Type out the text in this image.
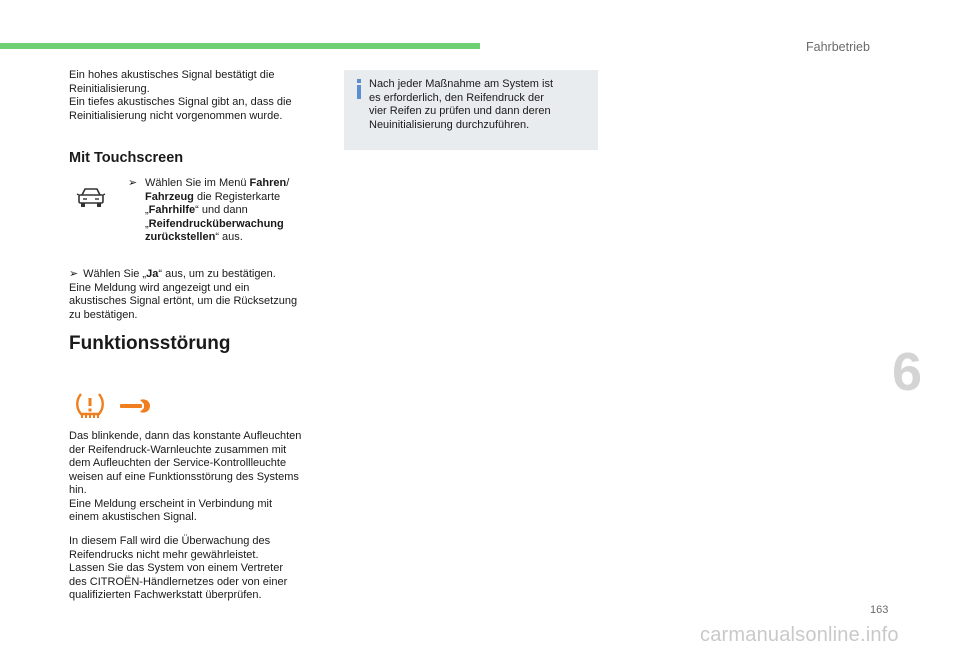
Fahrbetrieb

Ein hohes akustisches Signal bestätigt die
Reinitialisierung.
Ein tiefes akustisches Signal gibt an, dass die
Reinitialisierung nicht vorgenommen wurde.

Mit Touchscreen
➢ Wählen Sie im Menü Fahren/
Fahrzeug die Registerkarte
„Fahrhilfe“ und dann
„Reifendrucküberwachung
zurückstellen“ aus.

➢ Wählen Sie „Ja“ aus, um zu bestätigen.
Eine Meldung wird angezeigt und ein
akustisches Signal ertönt, um die Rücksetzung
zu bestätigen.

Funktionsstörung

Das blinkende, dann das konstante Aufleuchten
der Reifendruck-Warnleuchte zusammen mit
dem Aufleuchten der Service-Kontrollleuchte
weisen auf eine Funktionsstörung des Systems
hin.
Eine Meldung erscheint in Verbindung mit
einem akustischen Signal.

In diesem Fall wird die Überwachung des
Reifendrucks nicht mehr gewährleistet.
Lassen Sie das System von einem Vertreter
des CITROËN-Händlernetzes oder von einer
qualifizierten Fachwerkstatt überprüfen.

Nach jeder Maßnahme am System ist
es erforderlich, den Reifendruck der
vier Reifen zu prüfen und dann deren
Neuinitialisierung durchzuführen.

6
163
carmanualsonline.info
